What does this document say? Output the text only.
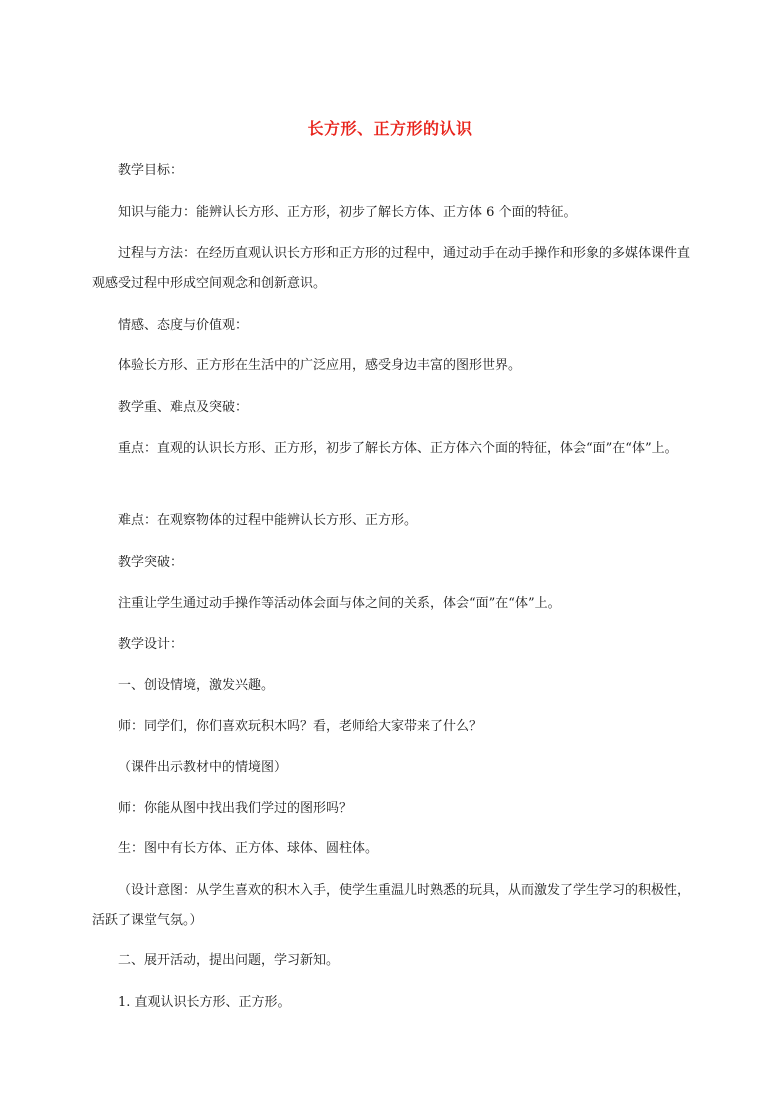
长方形、正方形的认识

教学目标：

知识与能力：能辨认长方形、正方形，初步了解长方体、正方体 6 个面的特征。

过程与方法：在经历直观认识长方形和正方形的过程中，通过动手在动手操作和形象的多媒体课件直观感受过程中形成空间观念和创新意识。

情感、态度与价值观：

体验长方形、正方形在生活中的广泛应用，感受身边丰富的图形世界。

教学重、难点及突破：

重点：直观的认识长方形、正方形，初步了解长方体、正方体六个面的特征，体会“面”在“体”上。

难点：在观察物体的过程中能辨认长方形、正方形。

教学突破：

注重让学生通过动手操作等活动体会面与体之间的关系，体会“面”在“体”上。

教学设计：

一、创设情境，激发兴趣。

师：同学们，你们喜欢玩积木吗？看，老师给大家带来了什么？

（课件出示教材中的情境图）

师：你能从图中找出我们学过的图形吗？

生：图中有长方体、正方体、球体、圆柱体。

（设计意图：从学生喜欢的积木入手，使学生重温儿时熟悉的玩具，从而激发了学生学习的积极性，活跃了课堂气氛。）

二、展开活动，提出问题，学习新知。

1. 直观认识长方形、正方形。
